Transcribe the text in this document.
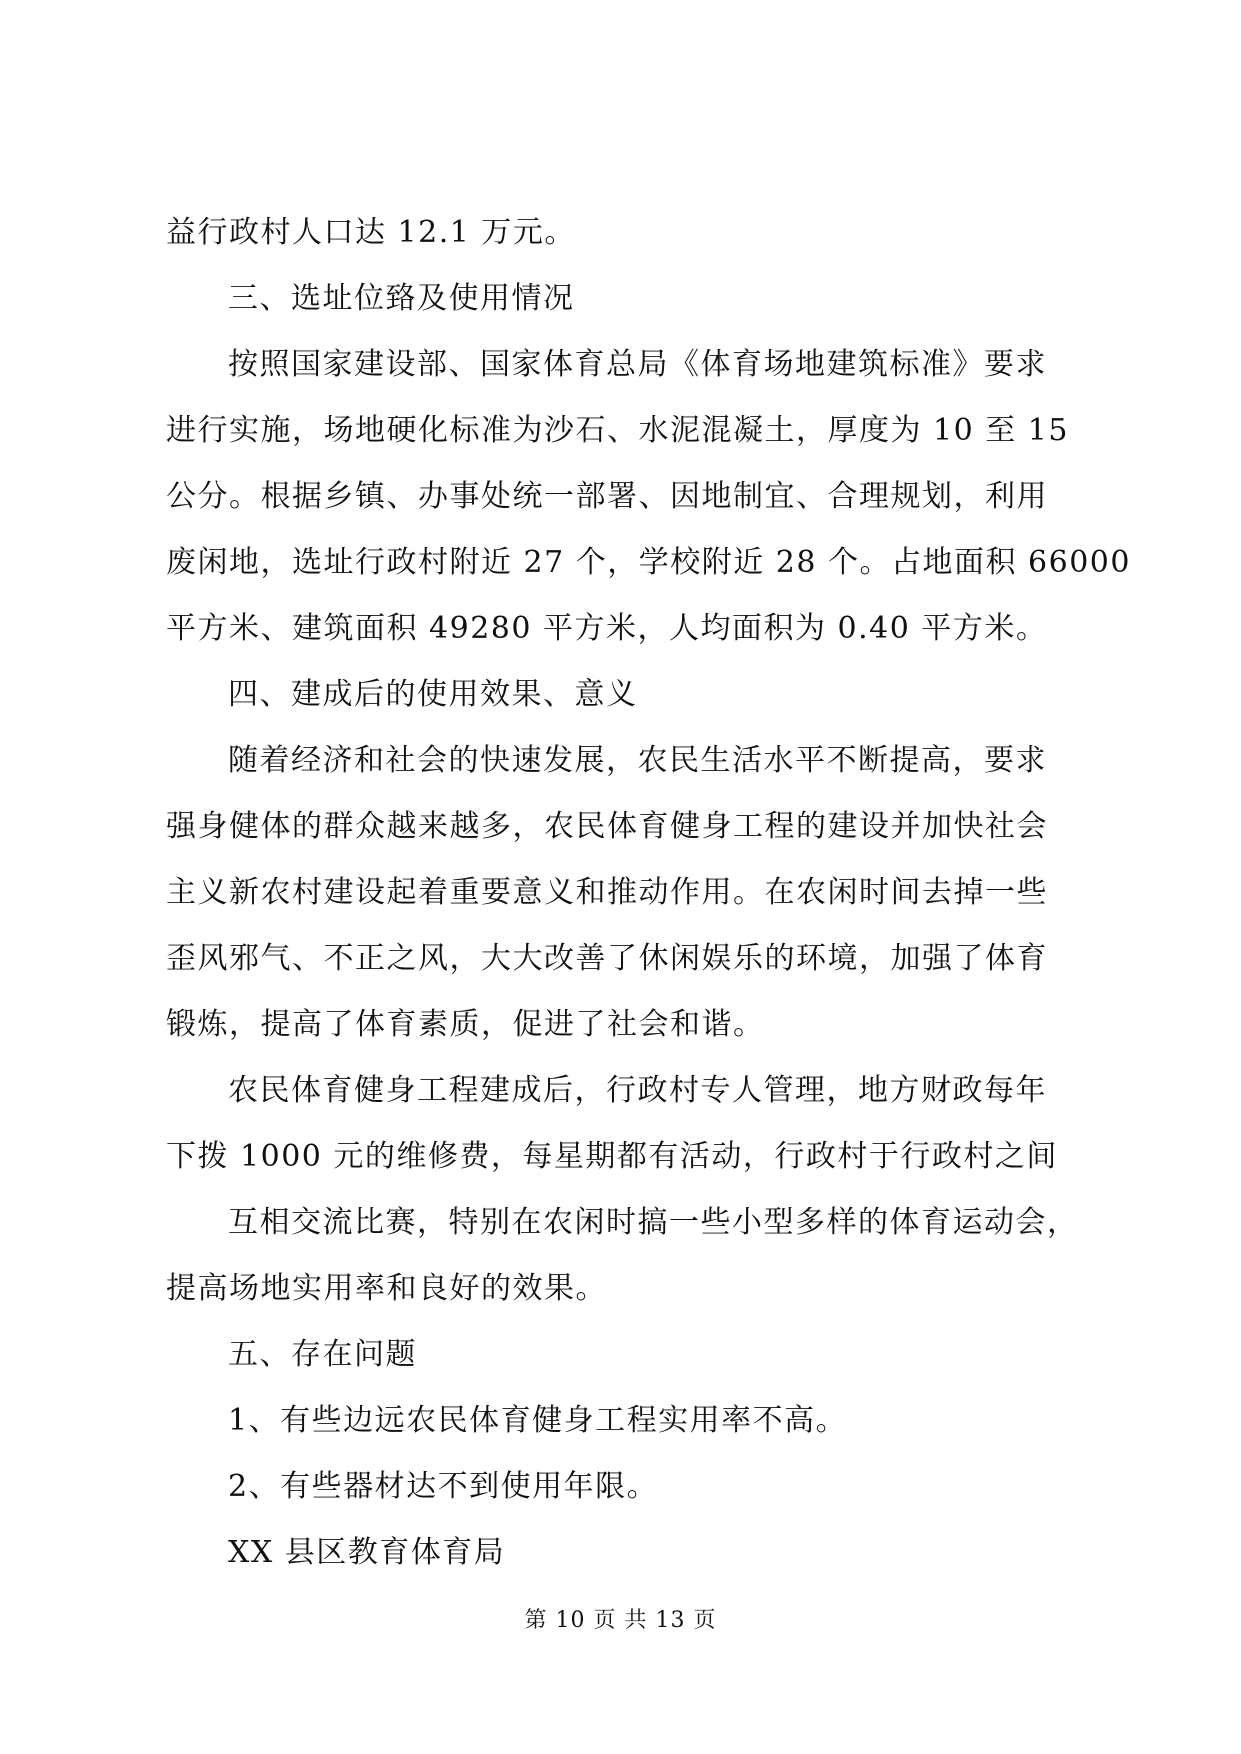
益行政村人口达 12.1 万元。
三、选址位臵及使用情况
按照国家建设部、国家体育总局《体育场地建筑标准》要求
进行实施，场地硬化标准为沙石、水泥混凝土，厚度为 10 至 15
公分。根据乡镇、办事处统一部署、因地制宜、合理规划，利用
废闲地，选址行政村附近 27 个，学校附近 28 个。占地面积 66000
平方米、建筑面积 49280 平方米，人均面积为 0.40 平方米。
四、建成后的使用效果、意义
随着经济和社会的快速发展，农民生活水平不断提高，要求
强身健体的群众越来越多，农民体育健身工程的建设并加快社会
主义新农村建设起着重要意义和推动作用。在农闲时间去掉一些
歪风邪气、不正之风，大大改善了休闲娱乐的环境，加强了体育
锻炼，提高了体育素质，促进了社会和谐。
农民体育健身工程建成后，行政村专人管理，地方财政每年
下拨 1000 元的维修费，每星期都有活动，行政村于行政村之间
互相交流比赛，特别在农闲时搞一些小型多样的体育运动会，
提高场地实用率和良好的效果。
五、存在问题
1、有些边远农民体育健身工程实用率不高。
2、有些器材达不到使用年限。
XX 县区教育体育局
第 10 页 共 13 页
